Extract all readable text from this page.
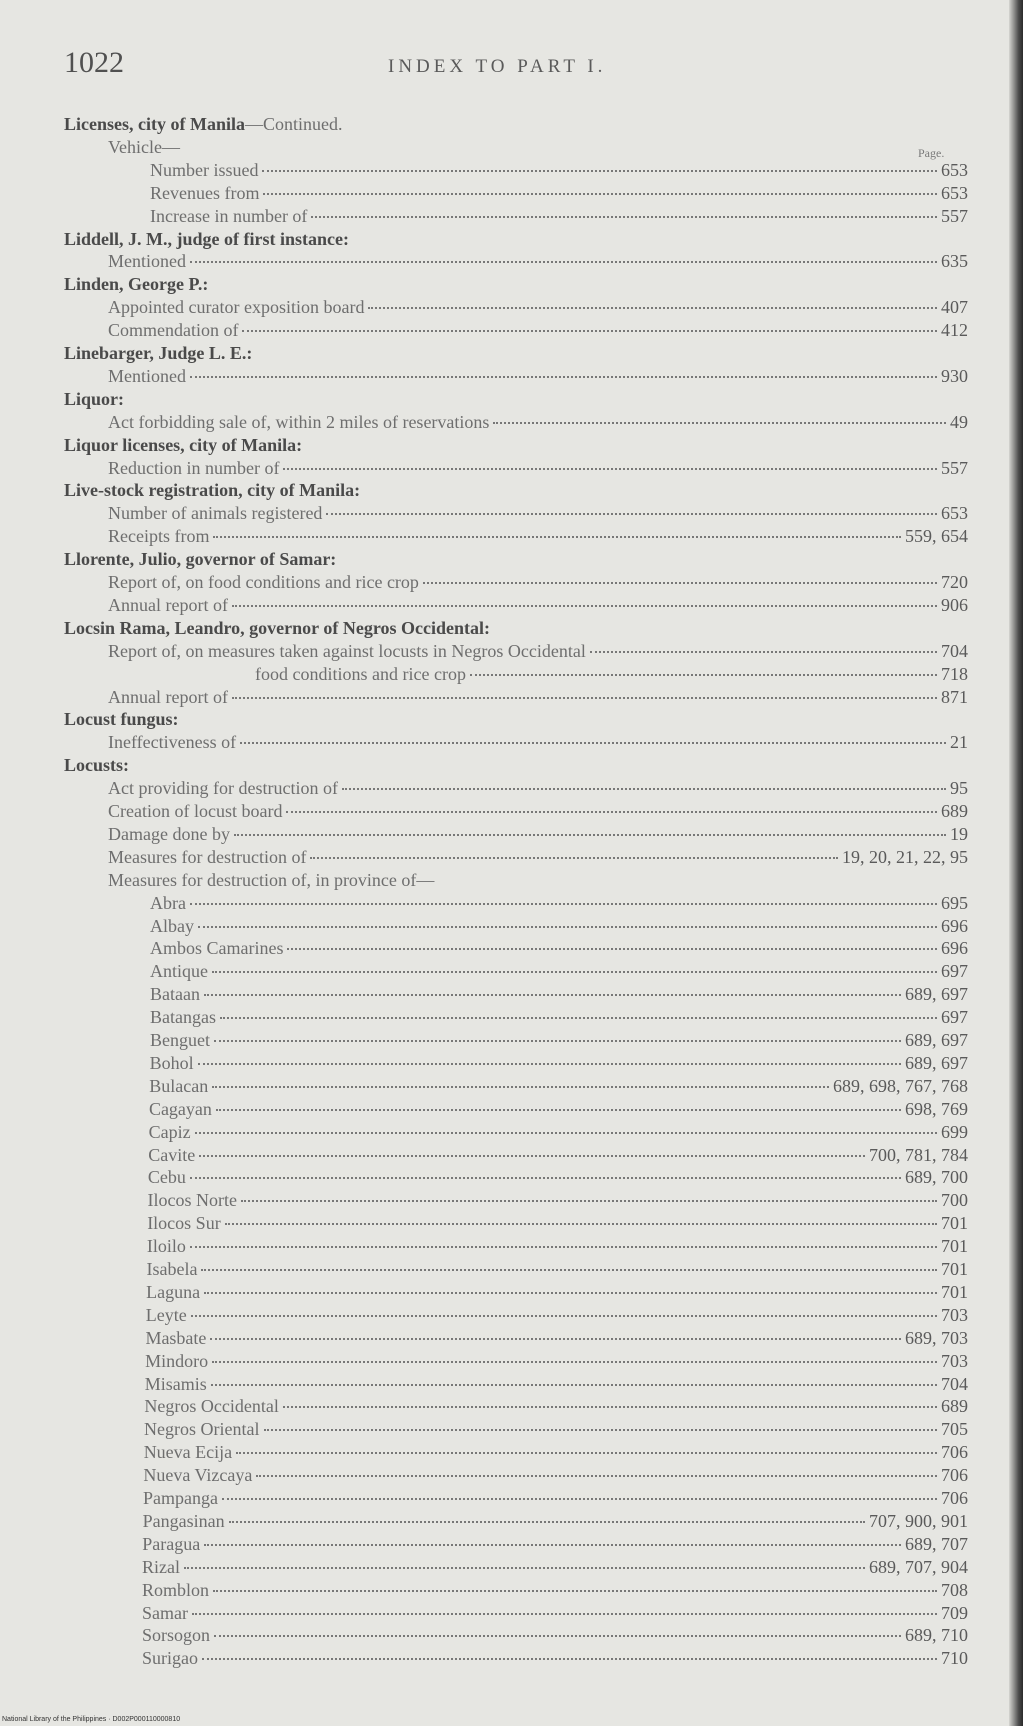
1022	INDEX TO PART I.
Page.
Licenses, city of Manila —Continued.
Vehicle—
Number issued	653
Revenues from	653
Increase in number of	557
Liddell, J. M., judge of first instance:
Mentioned	635
Linden, George P.:
Appointed curator exposition board	407
Commendation of	412
Linebarger, Judge L. E.:
Mentioned	930
Liquor:
Act forbidding sale of, within 2 miles of reservations	49
Liquor licenses, city of Manila:
Reduction in number of	557
Live-stock registration, city of Manila:
Number of animals registered	653
Receipts from	559, 654
Llorente, Julio, governor of Samar:
Report of, on food conditions and rice crop	720
Annual report of	906
Locsin Rama, Leandro, governor of Negros Occidental:
Report of, on measures taken against locusts in Negros Occidental	704
food conditions and rice crop	718
Annual report of	871
Locust fungus:
Ineffectiveness of	21
Locusts:
Act providing for destruction of	95
Creation of locust board	689
Damage done by	19
Measures for destruction of	19, 20, 21, 22, 95
Measures for destruction of, in province of—
Abra	695
Albay	696
Ambos Camarines	696
Antique	697
Bataan	689, 697
Batangas	697
Benguet	689, 697
Bohol	689, 697
Bulacan	689, 698, 767, 768
Cagayan	698, 769
Capiz	699
Cavite	700, 781, 784
Cebu	689, 700
Ilocos Norte	700
Ilocos Sur	701
Iloilo	701
Isabela	701
Laguna	701
Leyte	703
Masbate	689, 703
Mindoro	703
Misamis	704
Negros Occidental	689
Negros Oriental	705
Nueva Ecija	706
Nueva Vizcaya	706
Pampanga	706
Pangasinan	707, 900, 901
Paragua	689, 707
Rizal	689, 707, 904
Romblon	708
Samar	709
Sorsogon	689, 710
Surigao	710
National Library of the Philippines · D002P000110000810
